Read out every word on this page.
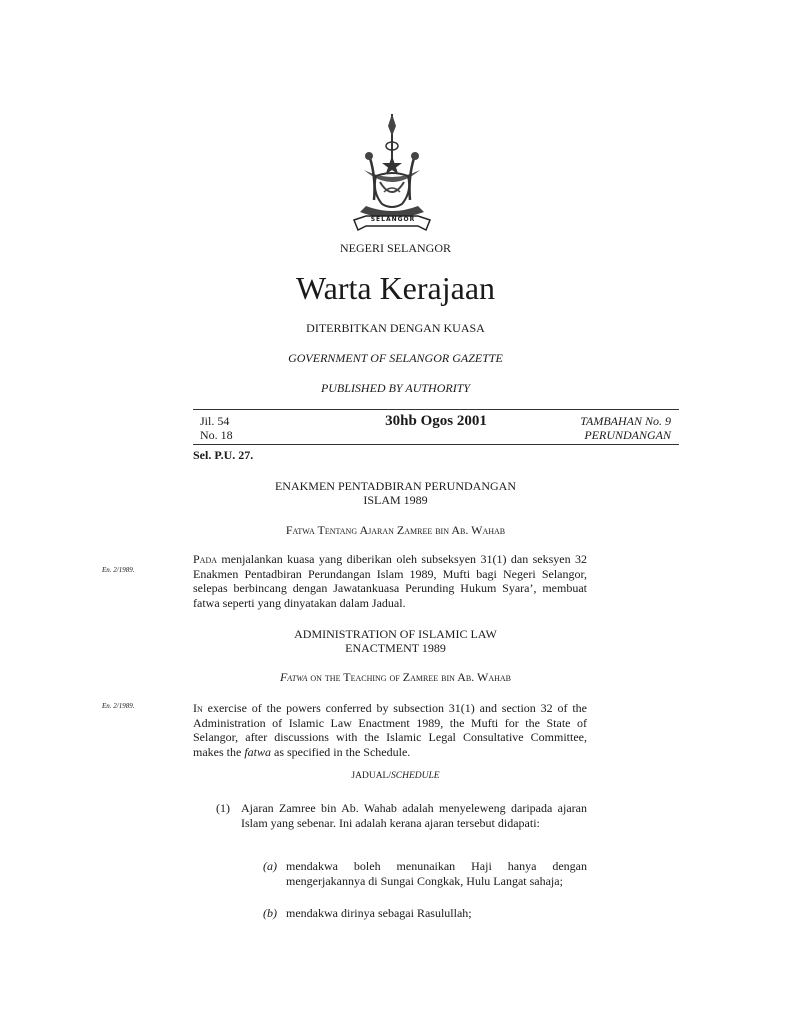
SELANGOR
NEGERI SELANGOR
Warta Kerajaan
DITERBITKAN DENGAN KUASA
GOVERNMENT OF SELANGOR GAZETTE
PUBLISHED BY AUTHORITY
Jil. 54
No. 18
30hb Ogos 2001	TAMBAHAN No. 9
PERUNDANGAN
Sel. P.U. 27.
ENAKMEN PENTADBIRAN PERUNDANGAN
ISLAM 1989
Fatwa Tentang Ajaran Zamree bin Ab. Wahab
En. 2/1989.
Pada menjalankan kuasa yang diberikan oleh subseksyen 31(1) dan seksyen 32 Enakmen Pentadbiran Perundangan Islam 1989, Mufti bagi Negeri Selangor, selepas berbincang dengan Jawatankuasa Perunding Hukum Syara’, membuat fatwa seperti yang dinyatakan dalam Jadual.
ADMINISTRATION OF ISLAMIC LAW
ENACTMENT 1989
Fatwa on the Teaching of Zamree bin Ab. Wahab
En. 2/1989.	In exercise of the powers conferred by subsection 31(1) and section 32 of the Administration of Islamic Law Enactment 1989, the Mufti for the State of Selangor, after discussions with the Islamic Legal Consultative Committee, makes the fatwa as specified in the Schedule.
JADUAL/SCHEDULE
(1) Ajaran Zamree bin Ab. Wahab adalah menyeleweng daripada ajaran Islam yang sebenar. Ini adalah kerana ajaran tersebut didapati:
(a) mendakwa boleh menunaikan Haji hanya dengan mengerjakannya di Sungai Congkak, Hulu Langat sahaja;
(b) mendakwa dirinya sebagai Rasulullah;
